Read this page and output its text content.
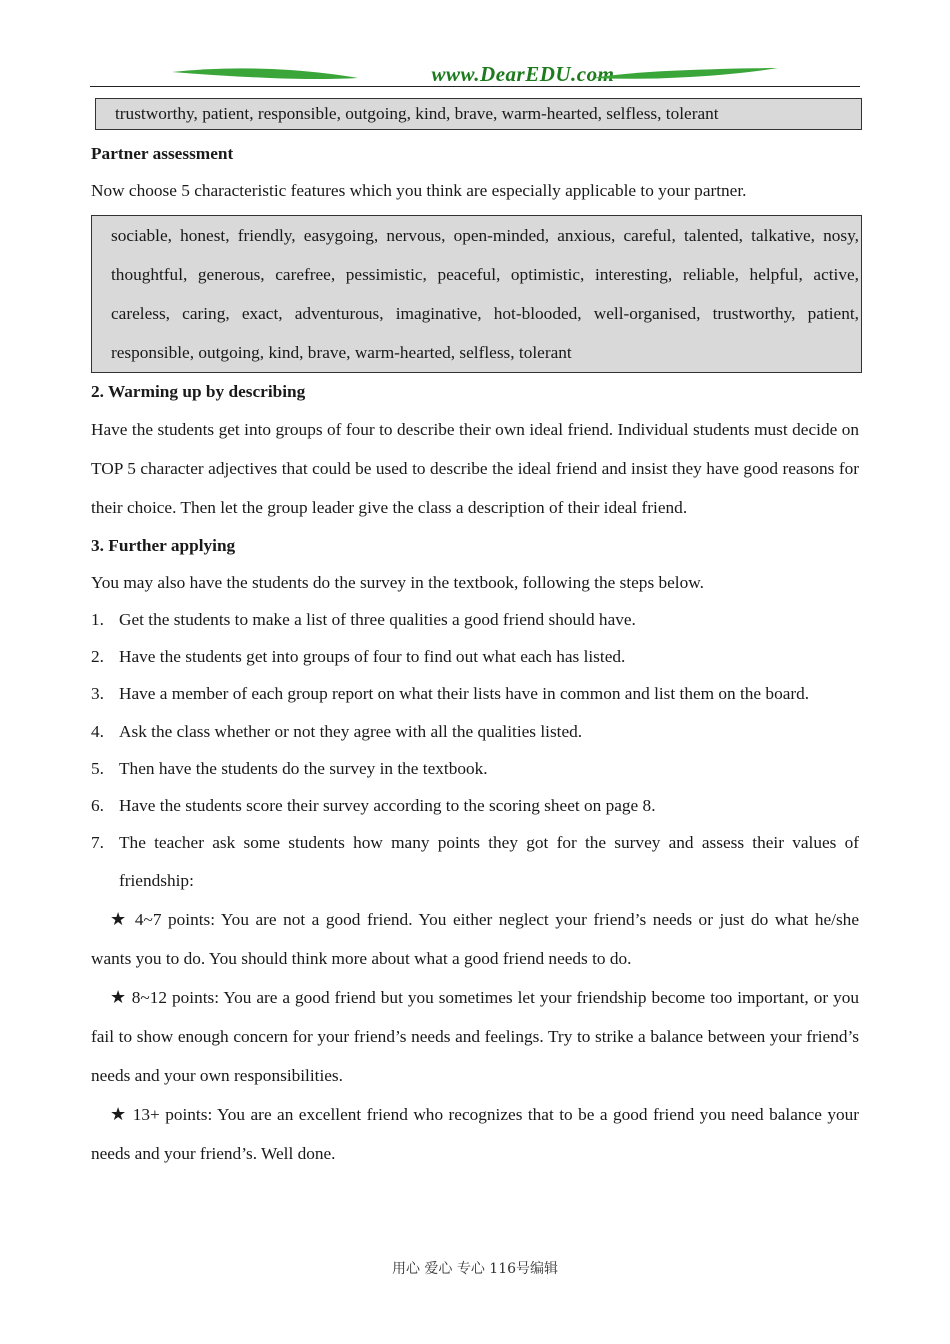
www.DearEDU.com
trustworthy, patient, responsible, outgoing, kind, brave, warm-hearted, selfless, tolerant
Partner assessment

Now choose 5 characteristic features which you think are especially applicable to your partner.

sociable, honest, friendly, easygoing, nervous, open-minded, anxious, careful, talented, talkative, nosy, thoughtful, generous, carefree, pessimistic, peaceful, optimistic, interesting, reliable, helpful, active, careless, caring, exact, adventurous, imaginative, hot-blooded, well-organised, trustworthy, patient, responsible, outgoing, kind, brave, warm-hearted, selfless, tolerant
2. Warming up by describing

Have the students get into groups of four to describe their own ideal friend. Individual students must decide on TOP 5 character adjectives that could be used to describe the ideal friend and insist they have good reasons for their choice. Then let the group leader give the class a description of their ideal friend.

3. Further applying

You may also have the students do the survey in the textbook, following the steps below.

1. Get the students to make a list of three qualities a good friend should have.
2. Have the students get into groups of four to find out what each has listed.
3. Have a member of each group report on what their lists have in common and list them on the board.
4. Ask the class whether or not they agree with all the qualities listed.
5. Then have the students do the survey in the textbook.
6. Have the students score their survey according to the scoring sheet on page 8.
7. The teacher ask some students how many points they got for the survey and assess their values of friendship:

★ 4~7 points: You are not a good friend. You either neglect your friend’s needs or just do what he/she wants you to do. You should think more about what a good friend needs to do.

★ 8~12 points: You are a good friend but you sometimes let your friendship become too important, or you fail to show enough concern for your friend’s needs and feelings. Try to strike a balance between your friend’s needs and your own responsibilities.

★ 13+ points: You are an excellent friend who recognizes that to be a good friend you need balance your needs and your friend’s. Well done.

用心 爱心 专心 116号编辑
